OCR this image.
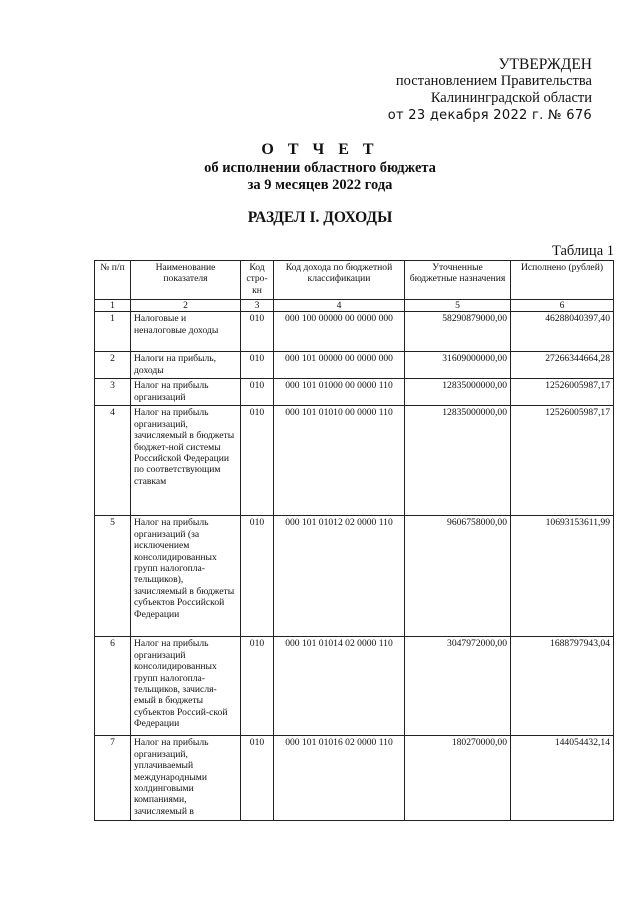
УТВЕРЖДЕН
постановлением Правительства
Калининградской области
от 23 декабря 2022 г. № 676
О Т Ч Е Т
об исполнении областного бюджета
за 9 месяцев 2022 года
РАЗДЕЛ I. ДОХОДЫ
Таблица 1
№ п/п	Наименование показателя	Код стро-кн	Код дохода по бюджетной классификации	Уточненные бюджетные назначения	Исполнено (рублей)
1	2	3	4	5	6
1	Налоговые и неналоговые доходы	010	000 100 00000 00 0000 000	58290879000,00	46288040397,40
2	Налоги на прибыль, доходы	010	000 101 00000 00 0000 000	31609000000,00	27266344664,28
3	Налог на прибыль организаций	010	000 101 01000 00 0000 110	12835000000,00	12526005987,17
4	Налог на прибыль организаций, зачисляемый в бюджеты бюджет-ной системы Российской Федерации по соответствующим ставкам	010	000 101 01010 00 0000 110	12835000000,00	12526005987,17
5	Налог на прибыль организаций (за исключением консолидированных групп налогопла-тельщиков), зачисляемый в бюджеты субъектов Российской Федерации	010	000 101 01012 02 0000 110	9606758000,00	10693153611,99
6	Налог на прибыль организаций консолидированных групп налогопла-тельщиков, зачисля-емый в бюджеты субъектов Россий-ской Федерации	010	000 101 01014 02 0000 110	3047972000,00	1688797943,04
7	Налог на прибыль организаций, уплачиваемый международными холдинговыми компаниями, зачисляемый в	010	000 101 01016 02 0000 110	180270000,00	144054432,14
